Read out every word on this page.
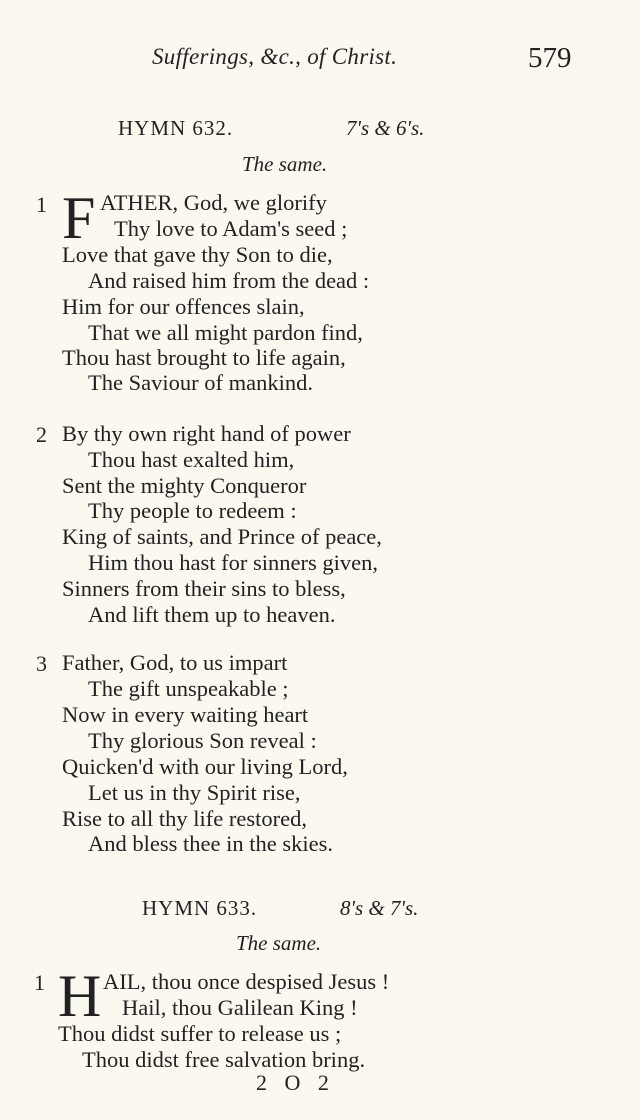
Sufferings, &c., of Christ.	579
HYMN 632.	7's & 6's.
The same.
1 F ATHER, God, we glorify
Thy love to Adam's seed ;
Love that gave thy Son to die,
And raised him from the dead :
Him for our offences slain,
That we all might pardon find,
Thou hast brought to life again,
The Saviour of mankind.
2 By thy own right hand of power
Thou hast exalted him,
Sent the mighty Conqueror
Thy people to redeem :
King of saints, and Prince of peace,
Him thou hast for sinners given,
Sinners from their sins to bless,
And lift them up to heaven.
3 Father, God, to us impart
The gift unspeakable ;
Now in every waiting heart
Thy glorious Son reveal :
Quicken'd with our living Lord,
Let us in thy Spirit rise,
Rise to all thy life restored,
And bless thee in the skies.
HYMN 633.	8's & 7's.
The same.
1 H AIL, thou once despised Jesus !
Hail, thou Galilean King !
Thou didst suffer to release us ;
Thou didst free salvation bring.
2 O 2
